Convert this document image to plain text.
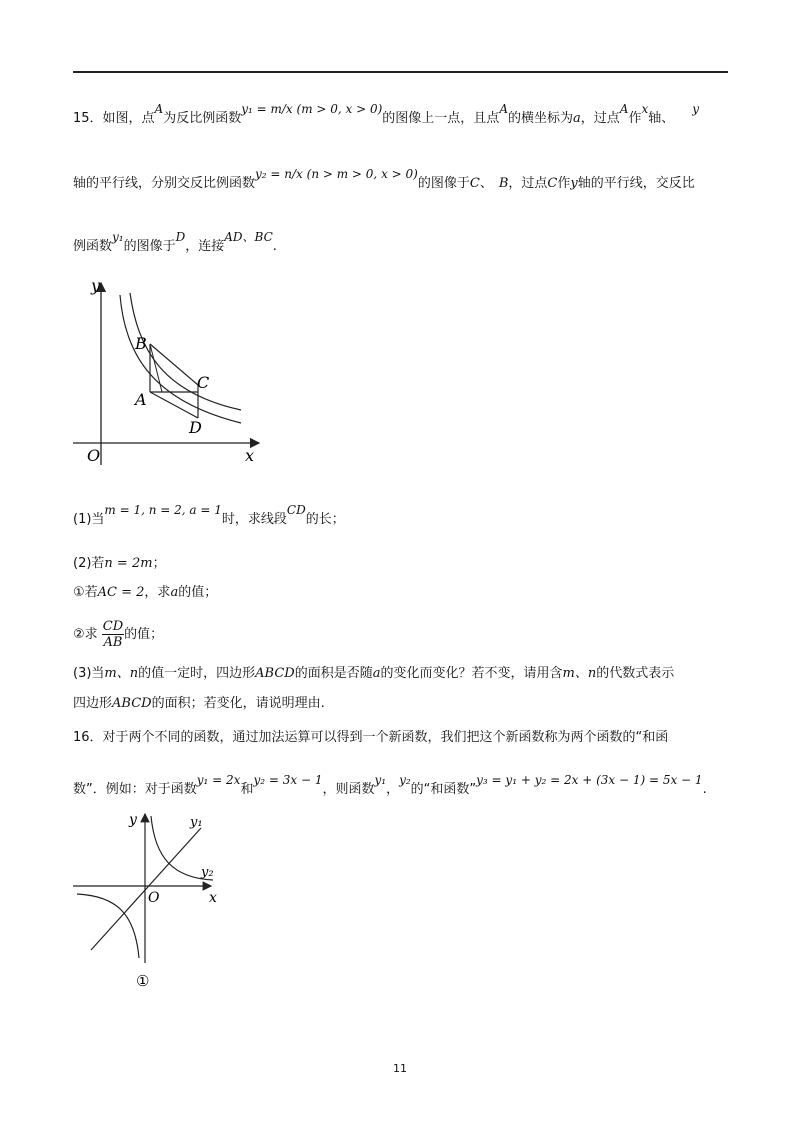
15．如图，点A为反比例函数y₁ = m/x (m > 0, x > 0)的图像上一点，且点A的横坐标为a，过点A作x轴、y
轴的平行线，分别交反比例函数y₂ = n/x (n > m > 0, x > 0)的图像于C、 B，过点C作y轴的平行线，交反比
例函数y₁的图像于D，连接AD、BC.
y
x
O
A
B
C
D
(1)当m = 1, n = 2, a = 1时，求线段CD的长；
(2)若n = 2m；
①若AC = 2，求a的值；
②求 $\frac{CD}{AB}$ 的值；
(3)当m、n的值一定时，四边形ABCD的面积是否随a的变化而变化？若不变，请用含m、n的代数式表示
四边形ABCD的面积；若变化，请说明理由.
16．对于两个不同的函数，通过加法运算可以得到一个新函数，我们把这个新函数称为两个函数的“和函
数”．例如：对于函数y₁ = 2x和y₂ = 3x − 1，则函数y₁，y₂的“和函数”y₃ = y₁ + y₂ = 2x + (3x − 1) = 5x − 1.
y
x
O
y₁
y₂
①
11
